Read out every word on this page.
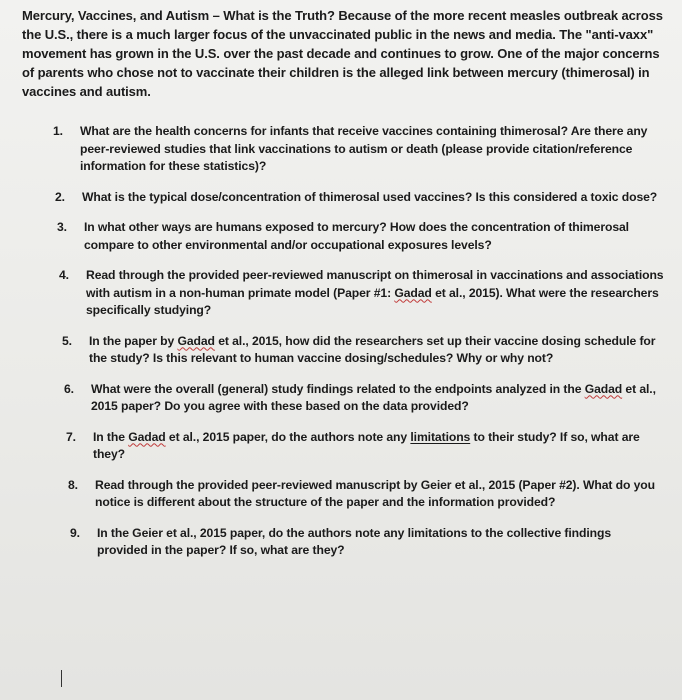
Mercury, Vaccines, and Autism – What is the Truth? Because of the more recent measles outbreak across the U.S., there is a much larger focus of the unvaccinated public in the news and media. The "anti-vaxx" movement has grown in the U.S. over the past decade and continues to grow. One of the major concerns of parents who chose not to vaccinate their children is the alleged link between mercury (thimerosal) in vaccines and autism.

1. What are the health concerns for infants that receive vaccines containing thimerosal? Are there any peer-reviewed studies that link vaccinations to autism or death (please provide citation/reference information for these statistics)?
2. What is the typical dose/concentration of thimerosal used vaccines? Is this considered a toxic dose?
3. In what other ways are humans exposed to mercury? How does the concentration of thimerosal compare to other environmental and/or occupational exposures levels?
4. Read through the provided peer-reviewed manuscript on thimerosal in vaccinations and associations with autism in a non-human primate model (Paper #1: Gadad et al., 2015). What were the researchers specifically studying?
5. In the paper by Gadad et al., 2015, how did the researchers set up their vaccine dosing schedule for the study? Is this relevant to human vaccine dosing/schedules? Why or why not?
6. What were the overall (general) study findings related to the endpoints analyzed in the Gadad et al., 2015 paper? Do you agree with these based on the data provided?
7. In the Gadad et al., 2015 paper, do the authors note any limitations to their study? If so, what are they?
8. Read through the provided peer-reviewed manuscript by Geier et al., 2015 (Paper #2). What do you notice is different about the structure of the paper and the information provided?
9. In the Geier et al., 2015 paper, do the authors note any limitations to the collective findings provided in the paper? If so, what are they?
